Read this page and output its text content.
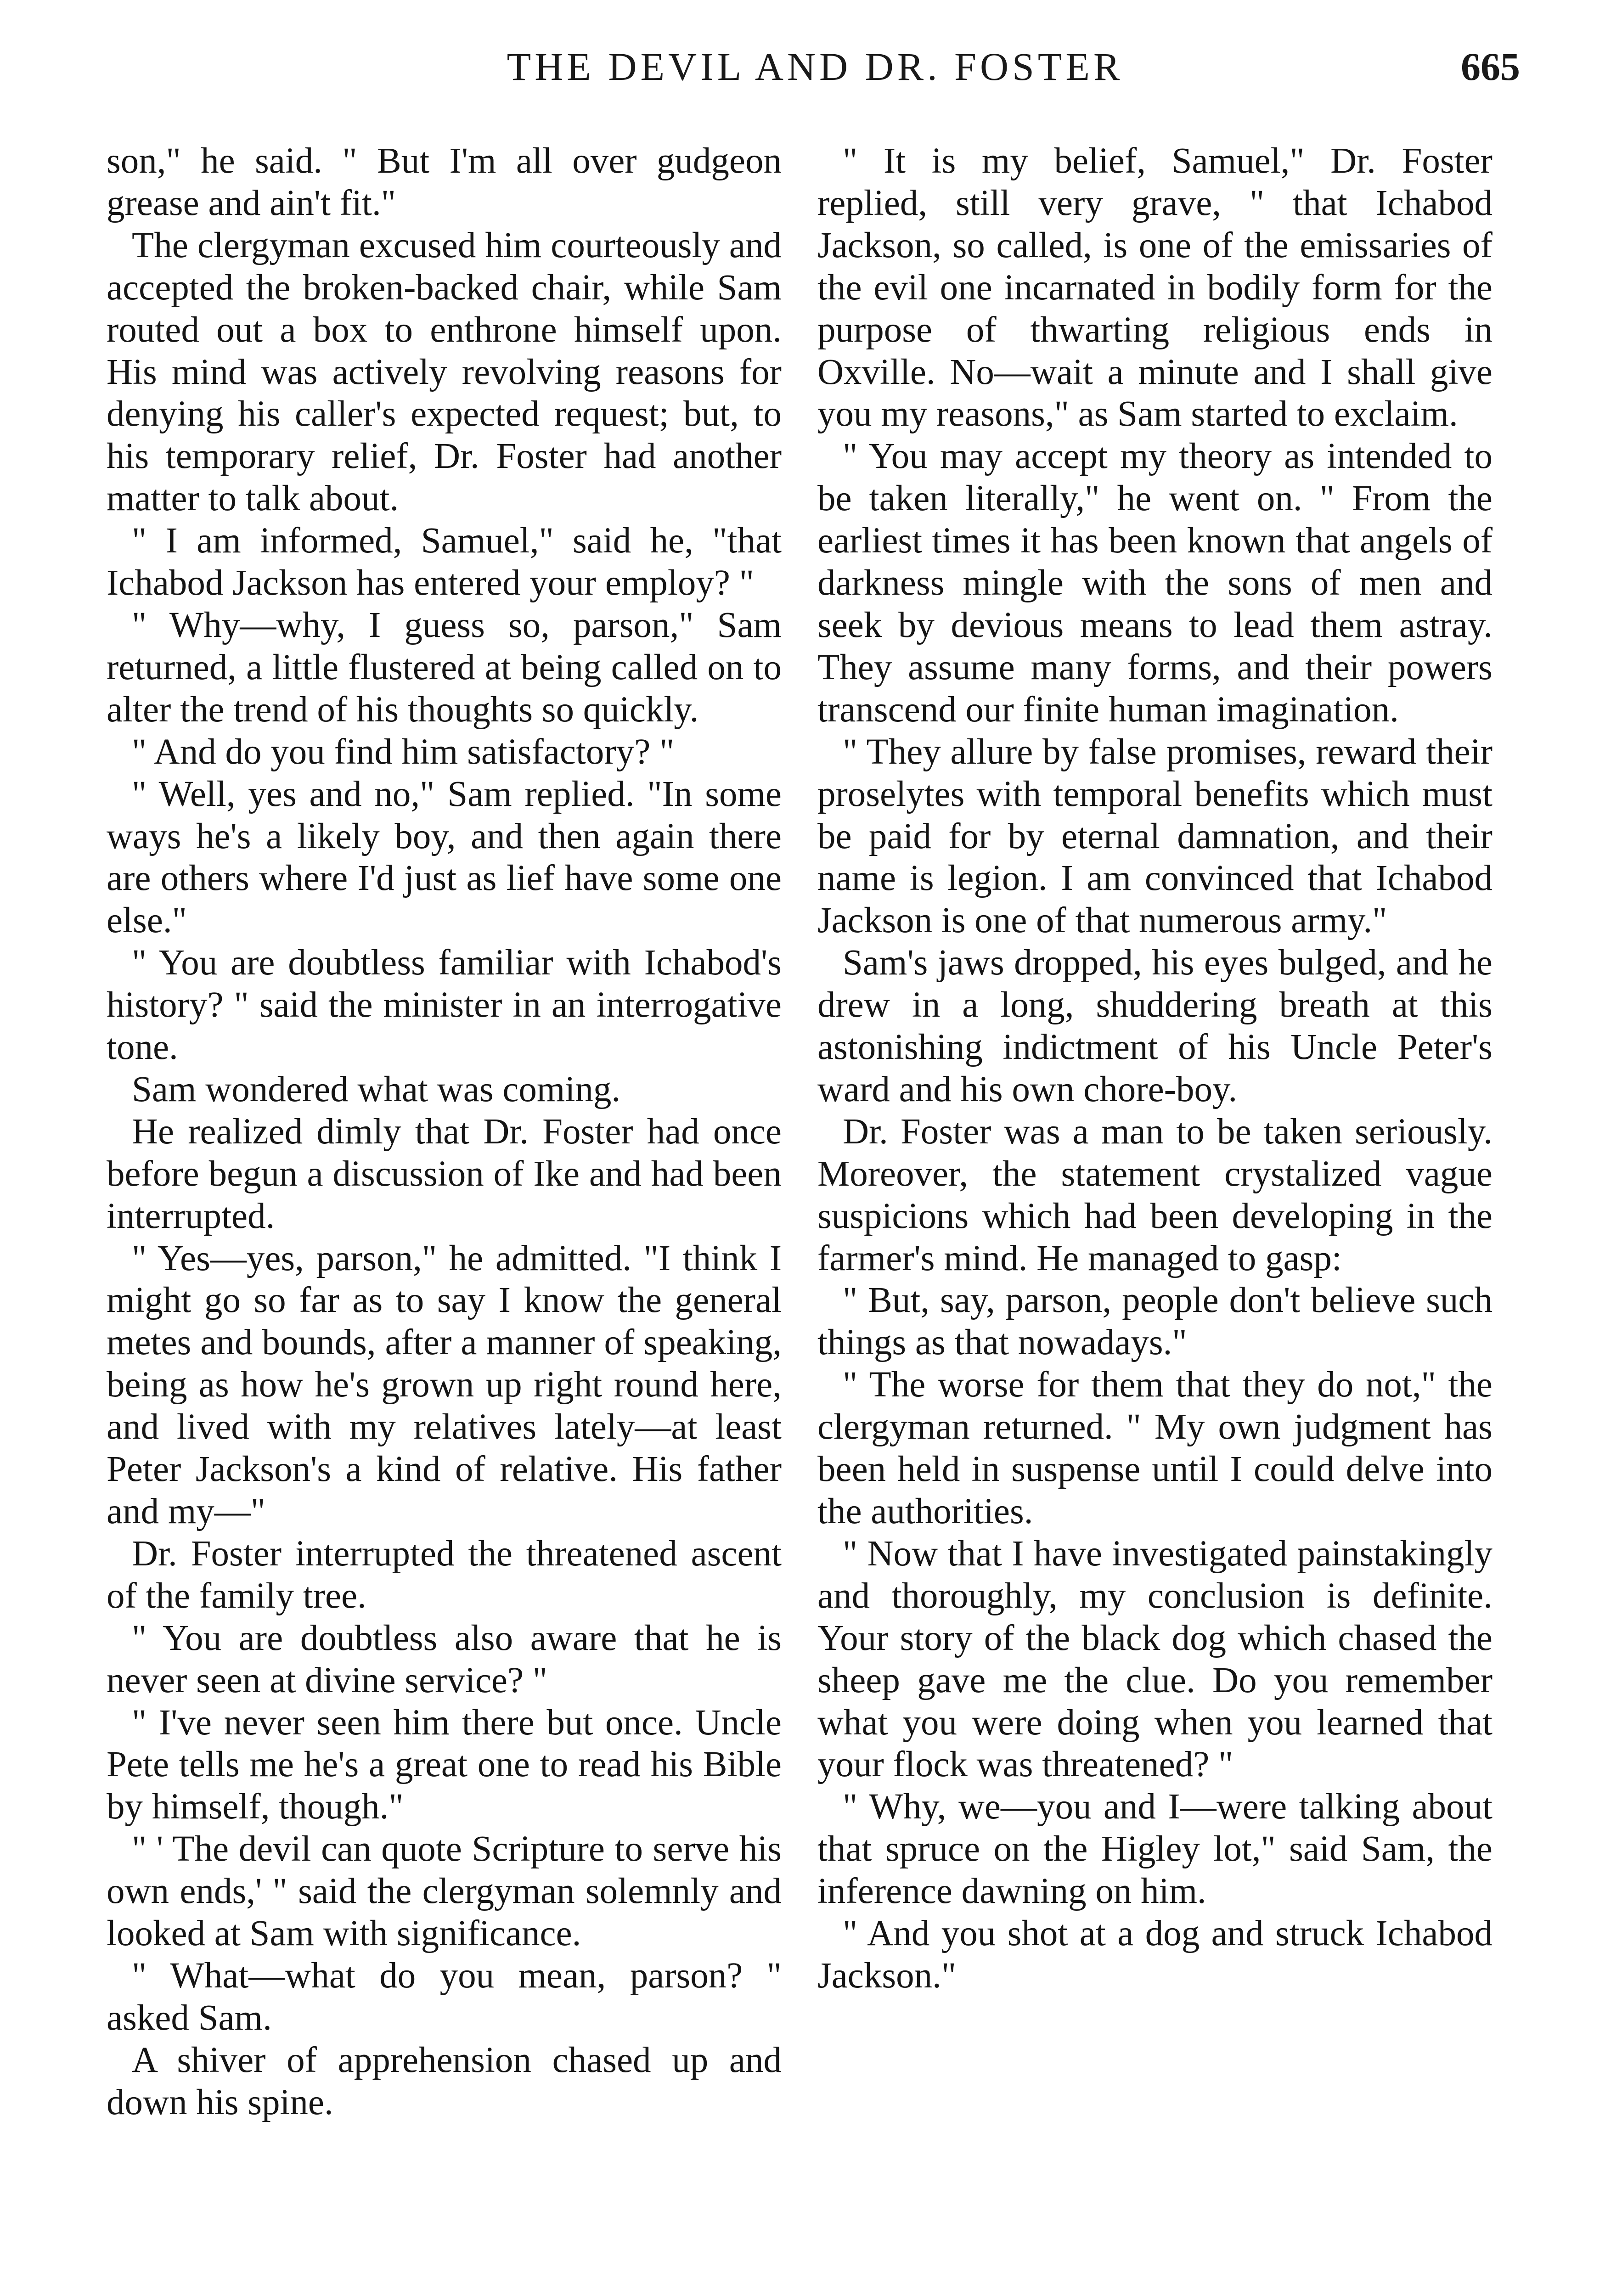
THE DEVIL AND DR. FOSTER	665

son," he said. " But I'm all over gudgeon grease and ain't fit."

The clergyman excused him courteously and accepted the broken-backed chair, while Sam routed out a box to enthrone himself upon. His mind was actively revolving reasons for denying his caller's expected request; but, to his temporary relief, Dr. Foster had another matter to talk about.

" I am informed, Samuel," said he, "that Ichabod Jackson has entered your employ? "

" Why—why, I guess so, parson," Sam returned, a little flustered at being called on to alter the trend of his thoughts so quickly.

" And do you find him satisfactory? "

" Well, yes and no," Sam replied. "In some ways he's a likely boy, and then again there are others where I'd just as lief have some one else."

" You are doubtless familiar with Ichabod's history? " said the minister in an interrogative tone.

Sam wondered what was coming.

He realized dimly that Dr. Foster had once before begun a discussion of Ike and had been interrupted.

" Yes—yes, parson," he admitted. "I think I might go so far as to say I know the general metes and bounds, after a manner of speaking, being as how he's grown up right round here, and lived with my relatives lately—at least Peter Jackson's a kind of relative. His father and my—"

Dr. Foster interrupted the threatened ascent of the family tree.

" You are doubtless also aware that he is never seen at divine service? "

" I've never seen him there but once. Uncle Pete tells me he's a great one to read his Bible by himself, though."

" ' The devil can quote Scripture to serve his own ends,' " said the clergyman solemnly and looked at Sam with significance.

" What—what do you mean, parson? " asked Sam.

A shiver of apprehension chased up and down his spine.

" It is my belief, Samuel," Dr. Foster replied, still very grave, " that Ichabod Jackson, so called, is one of the emissaries of the evil one incarnated in bodily form for the purpose of thwarting religious ends in Oxville. No—wait a minute and I shall give you my reasons," as Sam started to exclaim.

" You may accept my theory as intended to be taken literally," he went on. " From the earliest times it has been known that angels of darkness mingle with the sons of men and seek by devious means to lead them astray. They assume many forms, and their powers transcend our finite human imagination.

" They allure by false promises, reward their proselytes with temporal benefits which must be paid for by eternal damnation, and their name is legion. I am convinced that Ichabod Jackson is one of that numerous army."

Sam's jaws dropped, his eyes bulged, and he drew in a long, shuddering breath at this astonishing indictment of his Uncle Peter's ward and his own chore-boy.

Dr. Foster was a man to be taken seriously. Moreover, the statement crystalized vague suspicions which had been developing in the farmer's mind. He managed to gasp:

" But, say, parson, people don't believe such things as that nowadays."

" The worse for them that they do not," the clergyman returned. " My own judgment has been held in suspense until I could delve into the authorities.

" Now that I have investigated painstakingly and thoroughly, my conclusion is definite. Your story of the black dog which chased the sheep gave me the clue. Do you remember what you were doing when you learned that your flock was threatened? "

" Why, we—you and I—were talking about that spruce on the Higley lot," said Sam, the inference dawning on him.

" And you shot at a dog and struck Ichabod Jackson."
